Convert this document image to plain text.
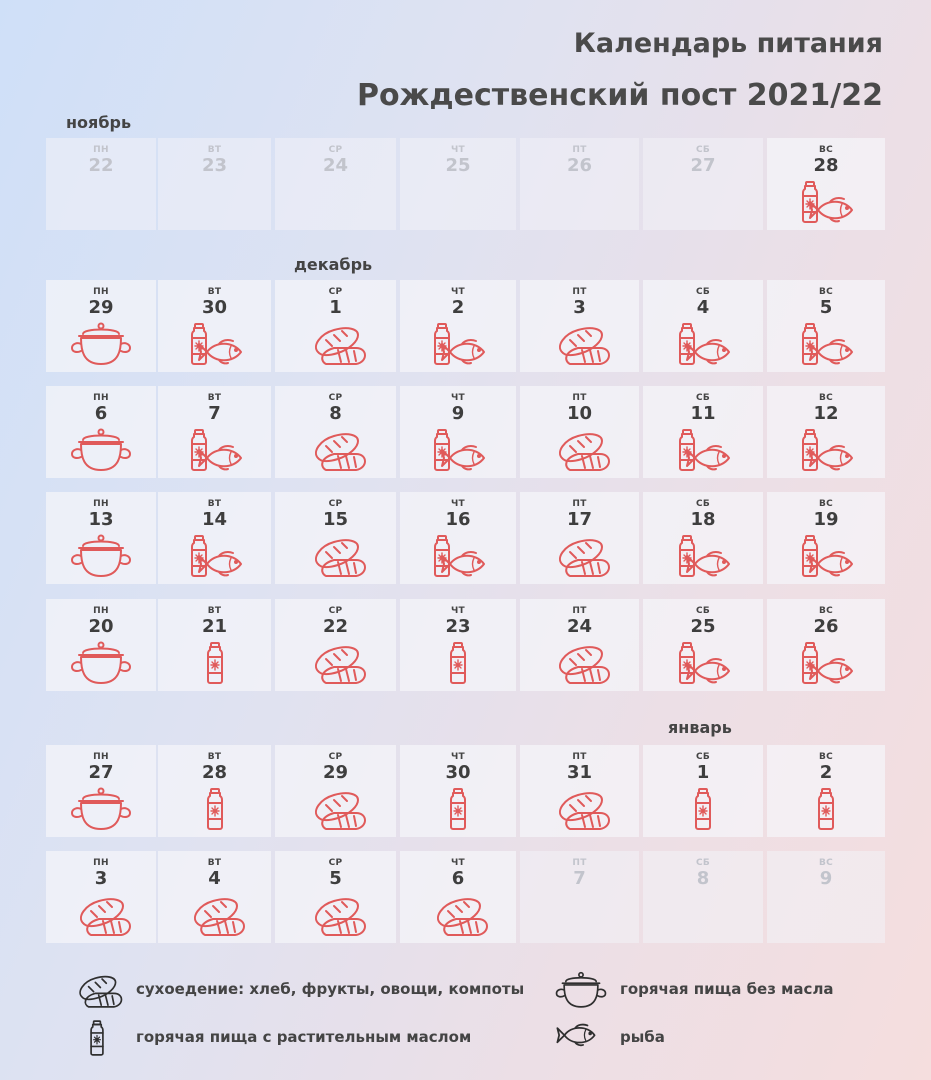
Календарь питания
Рождественский пост 2021/22
ноябрь
декабрь
январь
ПН
22
ВТ
23
СР
24
ЧТ
25
ПТ
26
СБ
27
ВС
28
ПН
29
ВТ
30
СР
1
ЧТ
2
ПТ
3
СБ
4
ВС
5
ПН
6
ВТ
7
СР
8
ЧТ
9
ПТ
10
СБ
11
ВС
12
ПН
13
ВТ
14
СР
15
ЧТ
16
ПТ
17
СБ
18
ВС
19
ПН
20
ВТ
21
СР
22
ЧТ
23
ПТ
24
СБ
25
ВС
26
ПН
27
ВТ
28
СР
29
ЧТ
30
ПТ
31
СБ
1
ВС
2
ПН
3
ВТ
4
СР
5
ЧТ
6
ПТ
7
СБ
8
ВС
9
сухоедение: хлеб, фрукты, овощи, компоты	горячая пища без масла
горячая пища с растительным маслом	рыба
